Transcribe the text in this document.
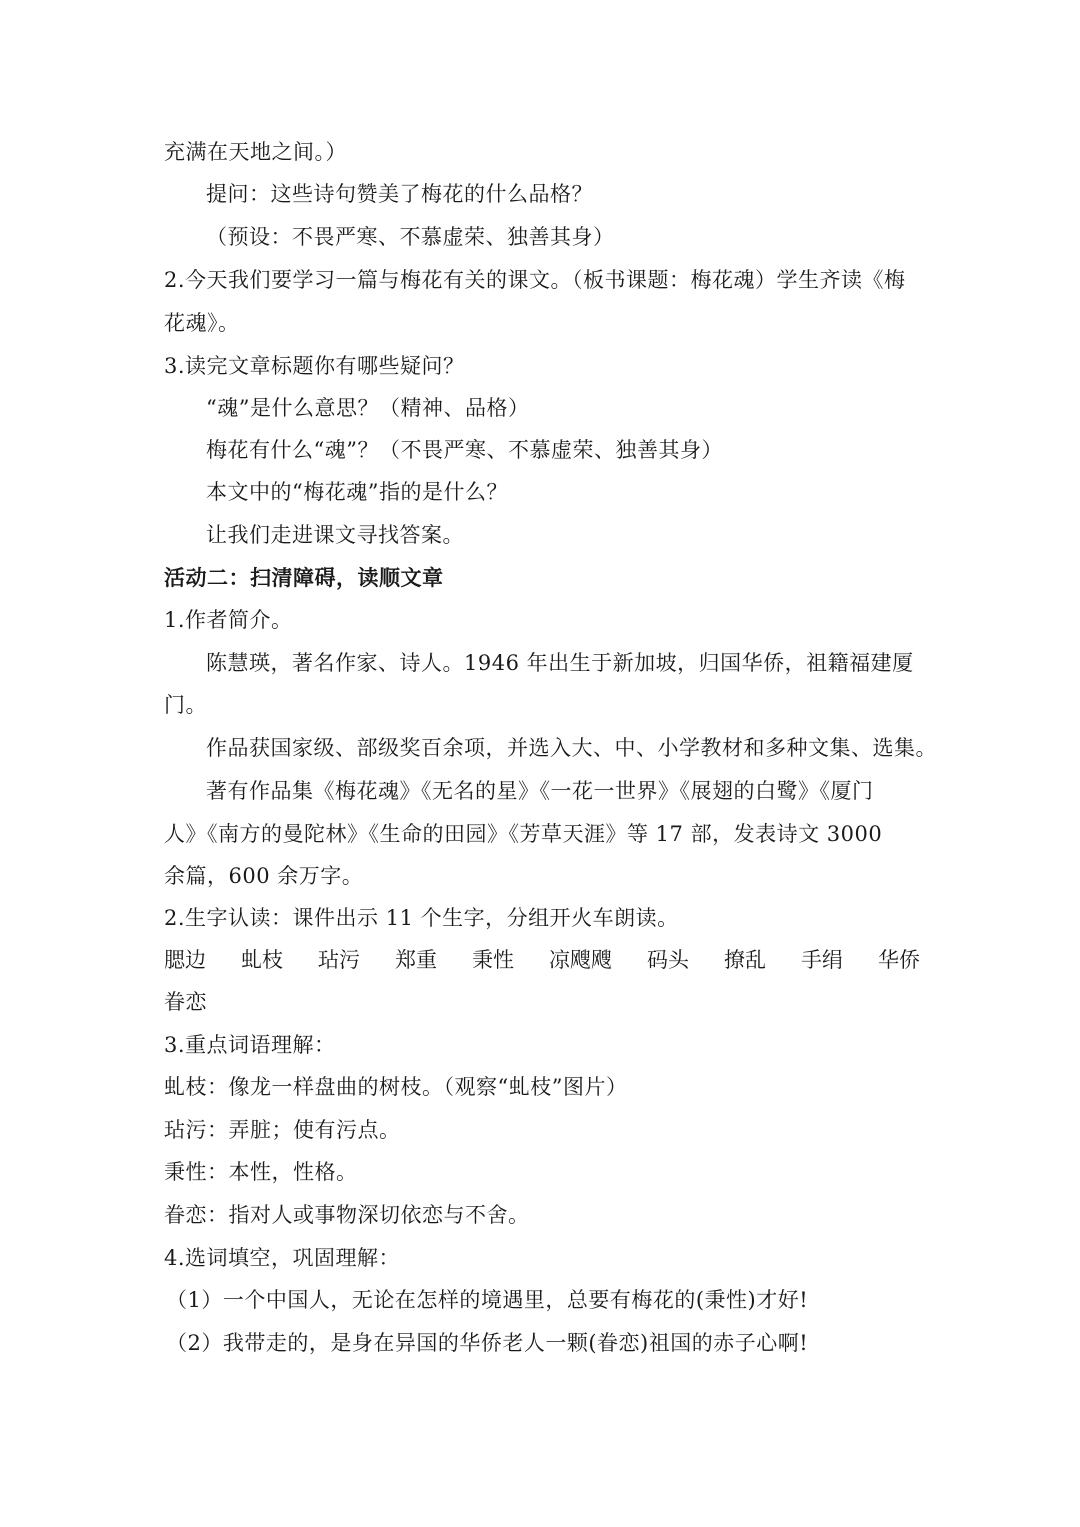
充满在天地之间。）
提问：这些诗句赞美了梅花的什么品格？
（预设：不畏严寒、不慕虚荣、独善其身）
2.今天我们要学习一篇与梅花有关的课文。（板书课题：梅花魂）学生齐读《梅
花魂》。
3.读完文章标题你有哪些疑问？
“魂”是什么意思？（精神、品格）
梅花有什么“魂”？（不畏严寒、不慕虚荣、独善其身）
本文中的“梅花魂”指的是什么？
让我们走进课文寻找答案。
活动二：扫清障碍，读顺文章
1.作者简介。
陈慧瑛，著名作家、诗人。1946 年出生于新加坡，归国华侨，祖籍福建厦
门。
作品获国家级、部级奖百余项，并选入大、中、小学教材和多种文集、选集。
著有作品集《梅花魂》《无名的星》《一花一世界》《展翅的白鹭》《厦门
人》《南方的曼陀林》《生命的田园》《芳草天涯》等 17 部，发表诗文 3000
余篇，600 余万字。
2.生字认读：课件出示 11 个生字，分组开火车朗读。
腮边 虬枝 玷污 郑重 秉性 凉飕飕 码头 撩乱 手绢 华侨
眷恋
3.重点词语理解：
虬枝：像龙一样盘曲的树枝。（观察“虬枝”图片）
玷污：弄脏；使有污点。
秉性：本性，性格。
眷恋：指对人或事物深切依恋与不舍。
4.选词填空，巩固理解：
（1）一个中国人，无论在怎样的境遇里，总要有梅花的(秉性)才好!
（2）我带走的，是身在异国的华侨老人一颗(眷恋)祖国的赤子心啊!
